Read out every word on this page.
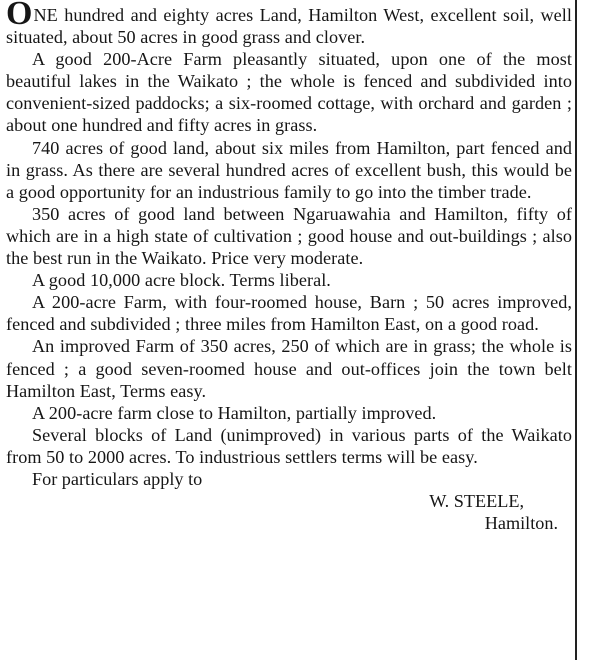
ONE hundred and eighty acres Land, Hamilton West, excellent soil, well situated, about 50 acres in good grass and clover.

A good 200-Acre Farm pleasantly situated, upon one of the most beautiful lakes in the Waikato ; the whole is fenced and subdivided into convenient-sized paddocks; a six-roomed cottage, with orchard and garden ; about one hundred and fifty acres in grass.

740 acres of good land, about six miles from Hamilton, part fenced and in grass. As there are several hundred acres of excellent bush, this would be a good opportunity for an industrious family to go into the timber trade.

350 acres of good land between Ngaruawahia and Hamilton, fifty of which are in a high state of cultivation ; good house and out-buildings ; also the best run in the Waikato. Price very moderate.

A good 10,000 acre block. Terms liberal.

A 200-acre Farm, with four-roomed house, Barn ; 50 acres improved, fenced and subdivided ; three miles from Hamilton East, on a good road.

An improved Farm of 350 acres, 250 of which are in grass; the whole is fenced ; a good seven-roomed house and out-offices join the town belt Hamilton East, Terms easy.

A 200-acre farm close to Hamilton, partially improved.

Several blocks of Land (unimproved) in various parts of the Waikato from 50 to 2000 acres. To industrious settlers terms will be easy.

For particulars apply to

W. STEELE,

Hamilton.
